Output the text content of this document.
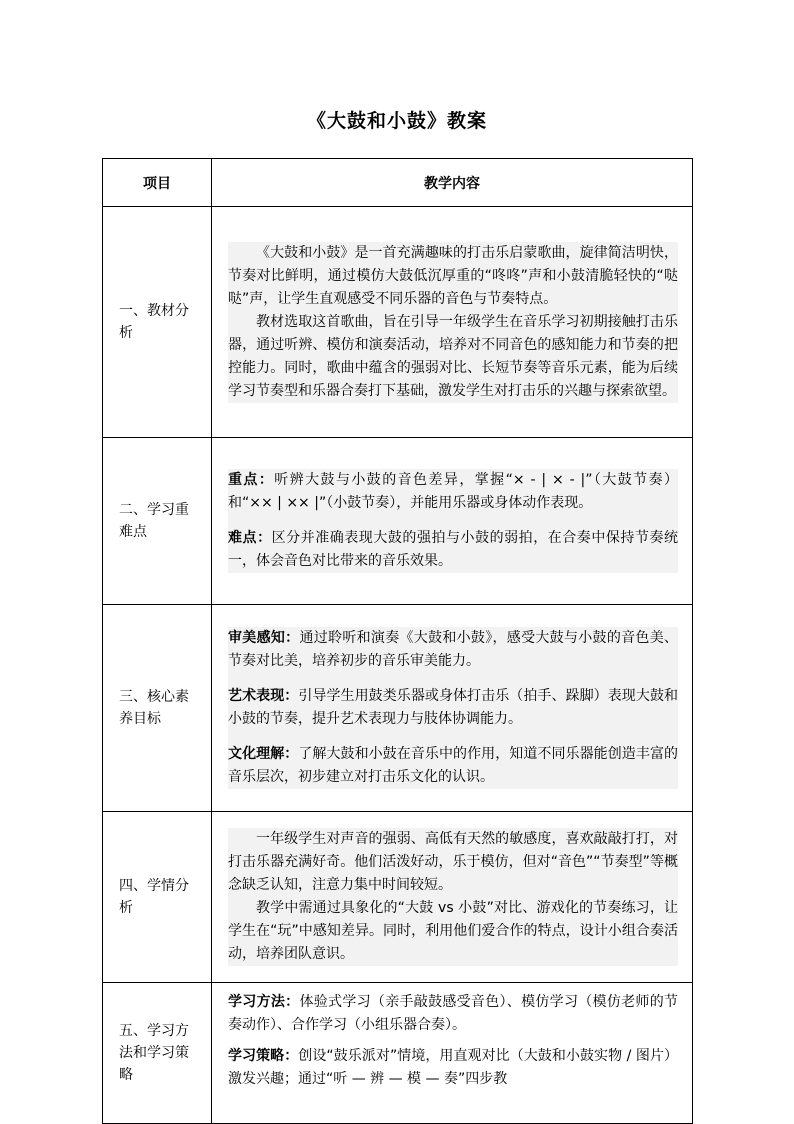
《大鼓和小鼓》教案
项目	教学内容
一、教材分析	《大鼓和小鼓》是一首充满趣味的打击乐启蒙歌曲，旋律简洁明快，节奏对比鲜明，通过模仿大鼓低沉厚重的“咚咚”声和小鼓清脆轻快的“哒哒”声，让学生直观感受不同乐器的音色与节奏特点。

教材选取这首歌曲，旨在引导一年级学生在音乐学习初期接触打击乐器，通过听辨、模仿和演奏活动，培养对不同音色的感知能力和节奏的把控能力。同时，歌曲中蕴含的强弱对比、长短节奏等音乐元素，能为后续学习节奏型和乐器合奏打下基础，激发学生对打击乐的兴趣与探索欲望。

二、学习重难点	重点：听辨大鼓与小鼓的音色差异，掌握“× - | × - |”（大鼓节奏）和“×× | ×× |”（小鼓节奏），并能用乐器或身体动作表现。

难点：区分并准确表现大鼓的强拍与小鼓的弱拍，在合奏中保持节奏统一，体会音色对比带来的音乐效果。

三、核心素养目标	审美感知：通过聆听和演奏《大鼓和小鼓》，感受大鼓与小鼓的音色美、节奏对比美，培养初步的音乐审美能力。

艺术表现：引导学生用鼓类乐器或身体打击乐（拍手、跺脚）表现大鼓和小鼓的节奏，提升艺术表现力与肢体协调能力。

文化理解：了解大鼓和小鼓在音乐中的作用，知道不同乐器能创造丰富的音乐层次，初步建立对打击乐文化的认识。

四、学情分析	一年级学生对声音的强弱、高低有天然的敏感度，喜欢敲敲打打，对打击乐器充满好奇。他们活泼好动，乐于模仿，但对“音色”“节奏型”等概念缺乏认知，注意力集中时间较短。

教学中需通过具象化的“大鼓 vs 小鼓”对比、游戏化的节奏练习，让学生在“玩”中感知差异。同时，利用他们爱合作的特点，设计小组合奏活动，培养团队意识。

五、学习方法和学习策略	学习方法：体验式学习（亲手敲鼓感受音色）、模仿学习（模仿老师的节奏动作）、合作学习（小组乐器合奏）。

学习策略：创设“鼓乐派对”情境，用直观对比（大鼓和小鼓实物 / 图片）激发兴趣；通过“听 — 辨 — 模 — 奏”四步教
